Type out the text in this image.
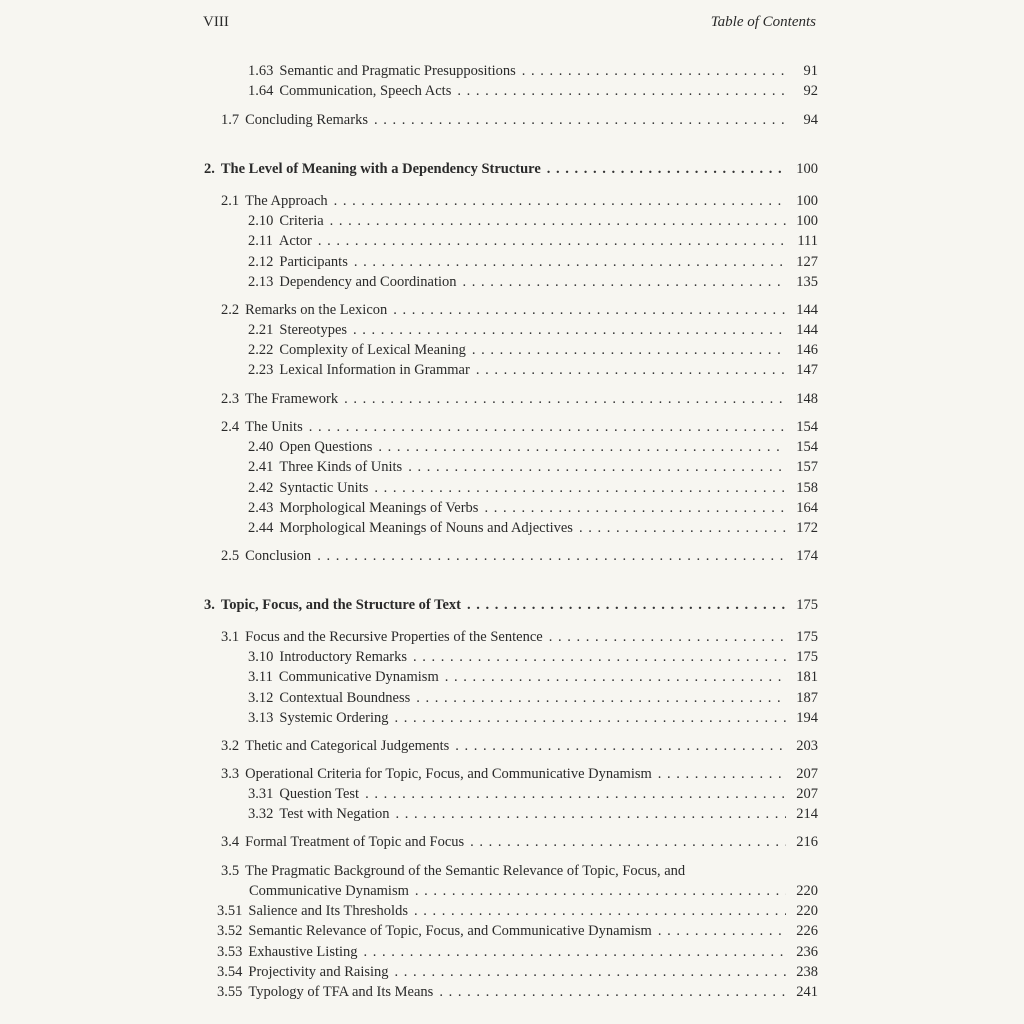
VIII	Table of Contents
1.63 Semantic and Pragmatic Presuppositions . . .	91
1.64 Communication, Speech Acts . . .	92
1.7 Concluding Remarks . . .	94
2. The Level of Meaning with a Dependency Structure . . .	100
2.1 The Approach . . .	100
2.10 Criteria . . .	100
2.11 Actor . . .	111
2.12 Participants . . .	127
2.13 Dependency and Coordination . . .	135
2.2 Remarks on the Lexicon . . .	144
2.21 Stereotypes . . .	144
2.22 Complexity of Lexical Meaning . . .	146
2.23 Lexical Information in Grammar . . .	147
2.3 The Framework . . .	148
2.4 The Units . . .	154
2.40 Open Questions . . .	154
2.41 Three Kinds of Units . . .	157
2.42 Syntactic Units . . .	158
2.43 Morphological Meanings of Verbs . . .	164
2.44 Morphological Meanings of Nouns and Adjectives . . .	172
2.5 Conclusion . . .	174
3. Topic, Focus, and the Structure of Text . . .	175
3.1 Focus and the Recursive Properties of the Sentence . . .	175
3.10 Introductory Remarks . . .	175
3.11 Communicative Dynamism . . .	181
3.12 Contextual Boundness . . .	187
3.13 Systemic Ordering . . .	194
3.2 Thetic and Categorical Judgements . . .	203
3.3 Operational Criteria for Topic, Focus, and Communicative Dynamism . . .	207
3.31 Question Test . . .	207
3.32 Test with Negation . . .	214
3.4 Formal Treatment of Topic and Focus . . .	216
3.5 The Pragmatic Background of the Semantic Relevance of Topic, Focus, and
Communicative Dynamism . . .	220
3.51 Salience and Its Thresholds . . .	220
3.52 Semantic Relevance of Topic, Focus, and Communicative Dynamism . . .	226
3.53 Exhaustive Listing . . .	236
3.54 Projectivity and Raising . . .	238
3.55 Typology of TFA and Its Means . . .	241
